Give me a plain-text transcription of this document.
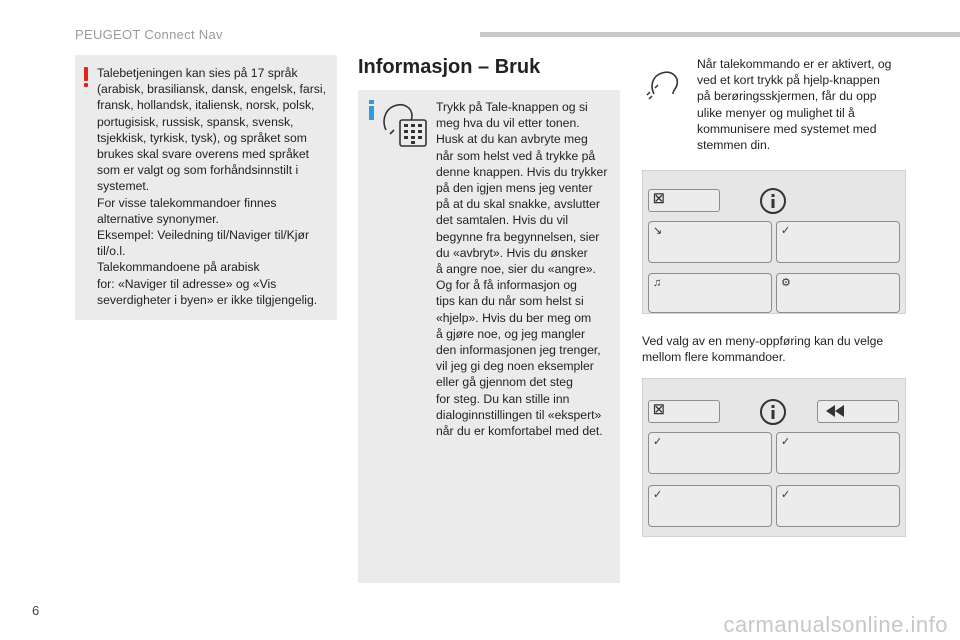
PEUGEOT Connect Nav
Talebetjeningen kan sies på 17 språk
(arabisk, brasiliansk, dansk, engelsk, farsi,
fransk, hollandsk, italiensk, norsk, polsk,
portugisisk, russisk, spansk, svensk,
tsjekkisk, tyrkisk, tysk), og språket som
brukes skal svare overens med språket
som er valgt og som forhåndsinnstilt i
systemet.
For visse talekommandoer finnes
alternative synonymer.
Eksempel: Veiledning til/Naviger til/Kjør
til/o.l.
Talekommandoene på arabisk
for: «Naviger til adresse» og «Vis
severdigheter i byen» er ikke tilgjengelig.
Informasjon – Bruk
Trykk på Tale-knappen og si
meg hva du vil etter tonen.
Husk at du kan avbryte meg
når som helst ved å trykke på
denne knappen. Hvis du trykker
på den igjen mens jeg venter
på at du skal snakke, avslutter
det samtalen. Hvis du vil
begynne fra begynnelsen, sier
du «avbryt». Hvis du ønsker
å angre noe, sier du «angre».
Og for å få informasjon og
tips kan du når som helst si
«hjelp». Hvis du ber meg om
å gjøre noe, og jeg mangler
den informasjonen jeg trenger,
vil jeg gi deg noen eksempler
eller gå gjennom det steg
for steg. Du kan stille inn
dialoginnstillingen til «ekspert»
når du er komfortabel med det.
Når talekommando er er aktivert, og
ved et kort trykk på hjelp-knappen
på berøringsskjermen, får du opp
ulike menyer og mulighet til å
kommunisere med systemet med
stemmen din.
☒
↘	✓
♫	⚙
Ved valg av en meny-oppføring kan du velge
mellom flere kommandoer.
☒
✓	✓
✓	✓
6
carmanualsonline.info
